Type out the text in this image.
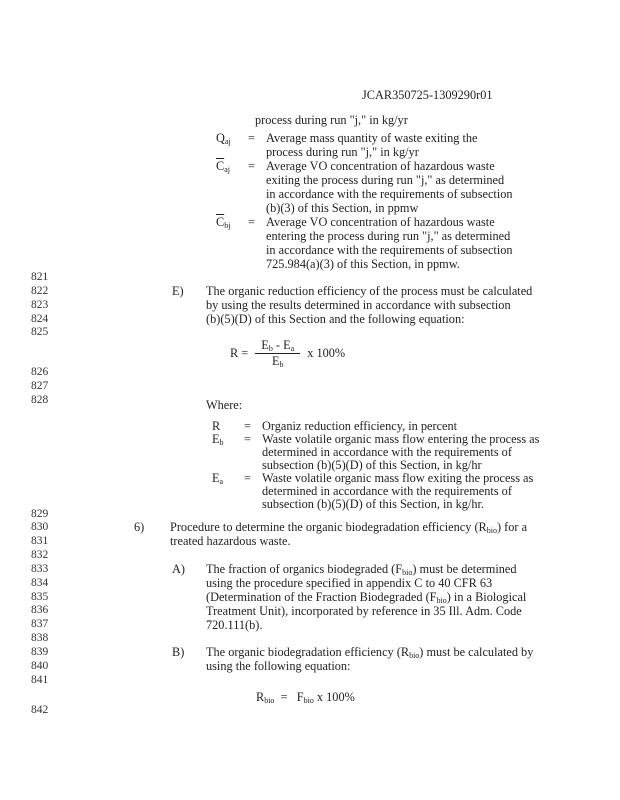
JCAR350725-1309290r01
process during run "j," in kg/yr
$Q_{aj}$	= Average mass quantity of waste exiting the
process during run "j," in kg/yr
$\overline{C}_{aj}$	= Average VO concentration of hazardous waste
exiting the process during run "j," as determined
in accordance with the requirements of subsection
(b)(3) of this Section, in ppmw
$\overline{C}_{bj}$	= Average VO concentration of hazardous waste
entering the process during run "j," as determined
in accordance with the requirements of subsection
725.984(a)(3) of this Section, in ppmw.
821
822
823
824
825
826
827
828
829
830
831
832
833
834
835
836
837
838
839
840
841
842
E) The organic reduction efficiency of the process must be calculated
by using the results determined in accordance with subsection
(b)(5)(D) of this Section and the following equation:
$R = \frac{E_b - E_a}{E_b}$ x 100%
Where:
R	= Organiz reduction efficiency, in percent
$E_b$	= Waste volatile organic mass flow entering the process as
determined in accordance with the requirements of
subsection (b)(5)(D) of this Section, in kg/hr
$E_a$	= Waste volatile organic mass flow exiting the process as
determined in accordance with the requirements of
subsection (b)(5)(D) of this Section, in kg/hr.
6) Procedure to determine the organic biodegradation efficiency $(R_{bio})$ for a
treated hazardous waste.
A) The fraction of organics biodegraded $(F_{bio})$ must be determined
using the procedure specified in appendix C to 40 CFR 63
(Determination of the Fraction Biodegraded $(F_{bio})$ in a Biological
Treatment Unit), incorporated by reference in 35 Ill. Adm. Code
720.111(b).
B) The organic biodegradation efficiency $(R_{bio})$ must be calculated by
using the following equation:
$R_{bio} = F_{bio}$ x 100%
